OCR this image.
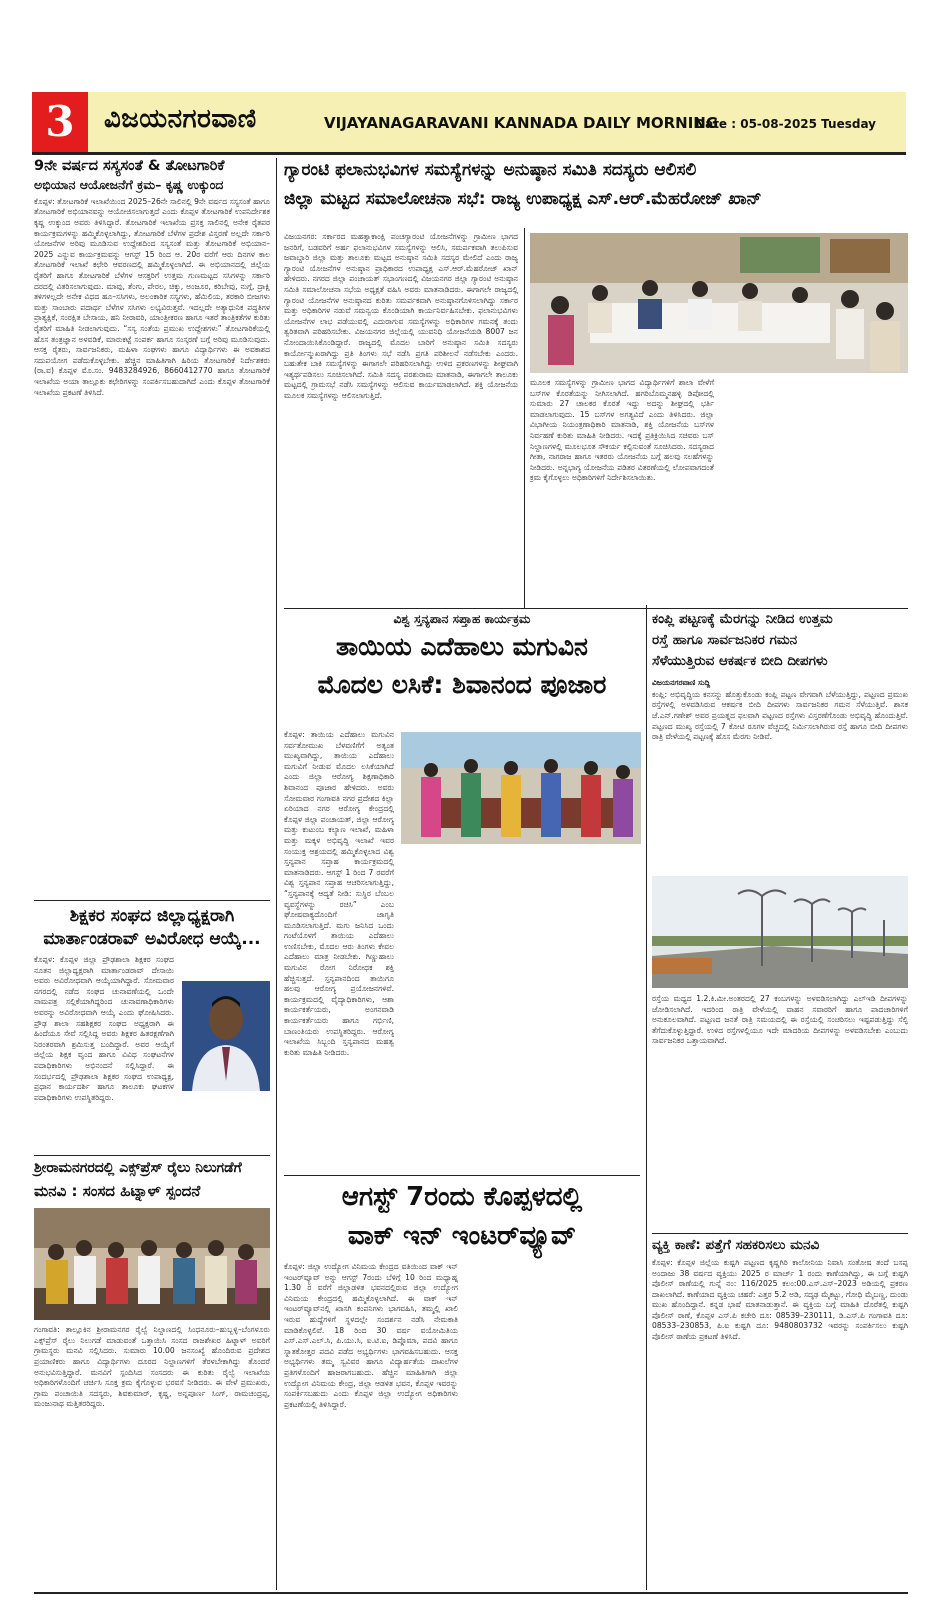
3	ವಿಜಯನಗರವಾಣಿ	VIJAYANAGARAVANI KANNADA DAILY MORNING
Date : 05-08-2025 Tuesday
9ನೇ ವರ್ಷದ ಸಸ್ಯಸಂತೆ & ತೋಟಗಾರಿಕೆ
ಅಭಿಯಾನ ಆಯೋಜನೆಗೆ ಕ್ರಮ– ಕೃಷ್ಣ ಉಕ್ಕುಂದ
ಕೊಪ್ಪಳ: ತೋಟಗಾರಿಕೆ ಇಲಾಖೆಯಿಂದ 2025–26ನೇ ಸಾಲಿನಲ್ಲಿ 9ನೇ ವರ್ಷದ ಸಸ್ಯಸಂತೆ ಹಾಗೂ ತೋಟಗಾರಿಕೆ ಅಭಿಯಾನವನ್ನು ಆಯೋಜಿಸಲಾಗುತ್ತದೆ ಎಂದು ಕೊಪ್ಪಳ ತೋಟಗಾರಿಕೆ ಉಪನಿರ್ದೇಶಕ ಕೃಷ್ಣ ಉಕ್ಕುಂದ ಅವರು ತಿಳಿಸಿದ್ದಾರೆ. ತೋಟಗಾರಿಕೆ ಇಲಾಖೆಯ ಪ್ರಸಕ್ತ ಸಾಲಿನಲ್ಲಿ ಅನೇಕ ರೈತಪರ ಕಾರ್ಯಕ್ರಮಗಳನ್ನು ಹಮ್ಮಿಕೊಳ್ಳಲಾಗಿದ್ದು, ತೋಟಗಾರಿಕೆ ಬೆಳೆಗಳ ಪ್ರದೇಶ ವಿಸ್ತರಣೆ ಅಲ್ಲದೇ ಸರ್ಕಾರಿ ಯೋಜನೆಗಳ ಅರಿವು ಮೂಡಿಸುವ ಉದ್ದೇಶದಿಂದ ಸಸ್ಯಸಂತೆ ಮತ್ತು ತೋಟಗಾರಿಕೆ ಅಭಿಯಾನ–2025 ಎನ್ನುವ ಕಾರ್ಯಕ್ರಮವನ್ನು ಆಗಸ್ಟ್ 15 ರಿಂದ ಆ. 20ರ ವರೆಗೆ ಆರು ದಿನಗಳ ಕಾಲ ತೋಟಗಾರಿಕೆ ಇಲಾಖೆ ಕಛೇರಿ ಆವರಣದಲ್ಲಿ ಹಮ್ಮಿಕೊಳ್ಳಲಾಗಿದೆ. ಈ ಅಭಿಯಾನದಲ್ಲಿ ಜಿಲ್ಲೆಯ ರೈತರಿಗೆ ಹಾಗೂ ತೋಟಗಾರಿಕೆ ಬೆಳೆಗಳ ಆಸಕ್ತರಿಗೆ ಉತ್ತಮ ಗುಣಮಟ್ಟದ ಸಸಿಗಳನ್ನು ಸರ್ಕಾರಿ ದರದಲ್ಲಿ ವಿತರಿಸಲಾಗುವುದು. ಮಾವು, ತೆಂಗು, ಪೇರಲ, ಚಿಕ್ಕು, ಅಂಜೂರ, ಕರಿಬೇವು, ನುಗ್ಗೆ, ದ್ರಾಕ್ಷಿ ತಳಿಗಳಲ್ಲದೇ ಅನೇಕ ವಿಧದ ಹೂ–ಸಸಿಗಳು, ಅಲಂಕಾರಿಕ ಸಸ್ಯಗಳು, ಹೆಮಿಲಿಯ, ತರಕಾರಿ ಬೀಜಗಳು ಮತ್ತು ಸಾಂಬಾರು ಪದಾರ್ಥ ಬೆಳೆಗಳ ಸಸಿಗಳು ಲಭ್ಯವಿರುತ್ತವೆ. ಇದಲ್ಲದೇ ಅತ್ಯಾಧುನಿಕ ಪದ್ಧತಿಗಳ ಪ್ರಾತ್ಯಕ್ಷಿಕೆ, ಸಂರಕ್ಷಿತ ಬೇಸಾಯ, ಹನಿ ನೀರಾವರಿ, ಯಾಂತ್ರೀಕರಣ ಹಾಗೂ ಇತರೆ ತಾಂತ್ರಿಕತೆಗಳ ಕುರಿತು ರೈತರಿಗೆ ಮಾಹಿತಿ ನೀಡಲಾಗುವುದು. “ಸಸ್ಯ ಸಂತೆಯ ಪ್ರಮುಖ ಉದ್ದೇಶಗಳು” ತೋಟಗಾರಿಕೆಯಲ್ಲಿ ಹೊಸ ತಂತ್ರಜ್ಞಾನ ಅಳವಡಿಕೆ, ಮಾರುಕಟ್ಟೆ ಸಂಪರ್ಕ ಹಾಗೂ ಸಂಸ್ಕರಣೆ ಬಗ್ಗೆ ಅರಿವು ಮೂಡಿಸುವುದು. ಆಸಕ್ತ ರೈತರು, ಸಾರ್ವಜನಿಕರು, ಮಹಿಳಾ ಸಂಘಗಳು ಹಾಗೂ ವಿದ್ಯಾರ್ಥಿಗಳು ಈ ಅವಕಾಶದ ಸದುಪಯೋಗ ಪಡೆದುಕೊಳ್ಳಬೇಕು. ಹೆಚ್ಚಿನ ಮಾಹಿತಿಗಾಗಿ ಹಿರಿಯ ತೋಟಗಾರಿಕೆ ನಿರ್ದೇಶಕರು (ರಾ.ವ) ಕೊಪ್ಪಳ ಮೊ.ಸಂ. 9483284926, 8660412770 ಹಾಗೂ ತೋಟಗಾರಿಕೆ ಇಲಾಖೆಯ ಅಯಾ ತಾಲ್ಲೂಕು ಕಛೇರಿಗಳನ್ನು ಸಂಪರ್ಕಿಸಬಹುದಾಗಿದೆ ಎಂದು ಕೊಪ್ಪಳ ತೋಟಗಾರಿಕೆ ಇಲಾಖೆಯ ಪ್ರಕಟಣೆ ತಿಳಿಸಿದೆ.
ಶಿಕ್ಷಕರ ಸಂಘದ ಜಿಲ್ಲಾಧ್ಯಕ್ಷರಾಗಿ
ಮಾರ್ತಾಂಡರಾವ್ ಅವಿರೋಧ ಆಯ್ಕೆ...
ಕೊಪ್ಪಳ: ಕೊಪ್ಪಳ ಜಿಲ್ಲಾ ಪ್ರೌಢಶಾಲಾ ಶಿಕ್ಷಕರ ಸಂಘದ ನೂತನ ಜಿಲ್ಲಾಧ್ಯಕ್ಷರಾಗಿ ಮಾರ್ತಾಂಡರಾವ್ ದೇಸಾಯಿ ಅವರು ಅವಿರೋಧವಾಗಿ ಆಯ್ಕೆಯಾಗಿದ್ದಾರೆ. ಸೋಮವಾರ ನಗರದಲ್ಲಿ ನಡೆದ ಸಂಘದ ಚುನಾವಣೆಯಲ್ಲಿ ಒಂದೇ ನಾಮಪತ್ರ ಸಲ್ಲಿಕೆಯಾಗಿದ್ದರಿಂದ ಚುನಾವಣಾಧಿಕಾರಿಗಳು ಅವರನ್ನು ಅವಿರೋಧವಾಗಿ ಆಯ್ಕೆ ಎಂದು ಘೋಷಿಸಿದರು. ಪ್ರೌಢ ಶಾಲಾ ಸಹಶಿಕ್ಷಕರ ಸಂಘದ ಅಧ್ಯಕ್ಷರಾಗಿ ಈ ಹಿಂದೆಯೂ ಸೇವೆ ಸಲ್ಲಿಸಿದ್ದ ಅವರು ಶಿಕ್ಷಕರ ಹಿತರಕ್ಷಣೆಗಾಗಿ ನಿರಂತರವಾಗಿ ಶ್ರಮಿಸುತ್ತ ಬಂದಿದ್ದಾರೆ. ಅವರ ಆಯ್ಕೆಗೆ ಜಿಲ್ಲೆಯ ಶಿಕ್ಷಕ ವೃಂದ ಹಾಗೂ ವಿವಿಧ ಸಂಘಟನೆಗಳ ಪದಾಧಿಕಾರಿಗಳು ಅಭಿನಂದನೆ ಸಲ್ಲಿಸಿದ್ದಾರೆ. ಈ ಸಂದರ್ಭದಲ್ಲಿ ಪ್ರೌಢಶಾಲಾ ಶಿಕ್ಷಕರ ಸಂಘದ ಉಪಾಧ್ಯಕ್ಷ, ಪ್ರಧಾನ ಕಾರ್ಯದರ್ಶಿ ಹಾಗೂ ತಾಲೂಕು ಘಟಕಗಳ ಪದಾಧಿಕಾರಿಗಳು ಉಪಸ್ಥಿತರಿದ್ದರು.
ಶ್ರೀರಾಮನಗರದಲ್ಲಿ ಎಕ್ಸ್‌ಪ್ರೆಸ್ ರೈಲು ನಿಲುಗಡೆಗೆ
ಮನವಿ : ಸಂಸದ ಹಿಟ್ನಾಳ್ ಸ್ಪಂದನೆ
ಗಂಗಾವತಿ: ತಾಲ್ಲೂಕಿನ ಶ್ರೀರಾಮನಗರ ರೈಲ್ವೆ ನಿಲ್ದಾಣದಲ್ಲಿ ಸಿಂಧನೂರು–ಹುಬ್ಬಳ್ಳಿ–ಬೆಂಗಳೂರು ಎಕ್ಸ್‌ಪ್ರೆಸ್ ರೈಲು ನಿಲುಗಡೆ ಮಾಡುವಂತೆ ಒತ್ತಾಯಿಸಿ ಸಂಸದ ರಾಜಶೇಖರ ಹಿಟ್ನಾಳ್ ಅವರಿಗೆ ಗ್ರಾಮಸ್ಥರು ಮನವಿ ಸಲ್ಲಿಸಿದರು. ಸುಮಾರು 10.00 ಜನಸಂಖ್ಯೆ ಹೊಂದಿರುವ ಪ್ರದೇಶದ ಪ್ರಯಾಣಿಕರು ಹಾಗೂ ವಿದ್ಯಾರ್ಥಿಗಳು ದೂರದ ನಿಲ್ದಾಣಗಳಿಗೆ ತೆರಳಬೇಕಾಗಿದ್ದು ತೊಂದರೆ ಅನುಭವಿಸುತ್ತಿದ್ದಾರೆ. ಮನವಿಗೆ ಸ್ಪಂದಿಸಿದ ಸಂಸದರು ಈ ಕುರಿತು ರೈಲ್ವೆ ಇಲಾಖೆಯ ಅಧಿಕಾರಿಗಳೊಂದಿಗೆ ಚರ್ಚಿಸಿ ಸೂಕ್ತ ಕ್ರಮ ಕೈಗೊಳ್ಳುವ ಭರವಸೆ ನೀಡಿದರು. ಈ ವೇಳೆ ಪ್ರಮುಖರು, ಗ್ರಾಮ ಪಂಚಾಯಿತಿ ಸದಸ್ಯರು, ಶಿವಕುಮಾರ್, ಕೃಷ್ಣ, ಅನ್ನಪೂರ್ಣ ಸಿಂಗ್, ರಾಮಚಂದ್ರಪ್ಪ, ಮಂಜುನಾಥ ಮತ್ತಿತರರಿದ್ದರು.
ಗ್ಯಾರಂಟಿ ಫಲಾನುಭವಿಗಳ ಸಮಸ್ಯೆಗಳನ್ನು ಅನುಷ್ಠಾನ ಸಮಿತಿ ಸದಸ್ಯರು ಆಲಿಸಲಿ
ಜಿಲ್ಲಾ ಮಟ್ಟದ ಸಮಾಲೋಚನಾ ಸಭೆ: ರಾಜ್ಯ ಉಪಾಧ್ಯಕ್ಷ ಎಸ್.ಆರ್.ಮೆಹರೋಜ್ ಖಾನ್
ವಿಜಯನಗರ: ಸರ್ಕಾರದ ಮಹತ್ವಾಕಾಂಕ್ಷಿ ಪಂಚಗ್ಯಾರಂಟಿ ಯೋಜನೆಗಳನ್ನು ಗ್ರಾಮೀಣ ಭಾಗದ ಜನರಿಗೆ, ಬಡವರಿಗೆ ಅರ್ಹ ಫಲಾನುಭವಿಗಳ ಸಮಸ್ಯೆಗಳನ್ನು ಆಲಿಸಿ, ಸಮರ್ಪಕವಾಗಿ ತಲುಪಿಸುವ ಜವಾಬ್ದಾರಿ ಜಿಲ್ಲಾ ಮತ್ತು ತಾಲೂಕು ಮಟ್ಟದ ಅನುಷ್ಠಾನ ಸಮಿತಿ ಸದಸ್ಯರ ಮೇಲಿದೆ ಎಂದು ರಾಜ್ಯ ಗ್ಯಾರಂಟಿ ಯೋಜನೆಗಳ ಅನುಷ್ಠಾನ ಪ್ರಾಧಿಕಾರದ ಉಪಾಧ್ಯಕ್ಷ ಎಸ್.ಆರ್.ಮೆಹರೋಜ್ ಖಾನ್ ಹೇಳಿದರು. ನಗರದ ಜಿಲ್ಲಾ ಪಂಚಾಯತ್ ಸಭಾಂಗಣದಲ್ಲಿ ವಿಜಯನಗರ ಜಿಲ್ಲಾ ಗ್ಯಾರಂಟಿ ಅನುಷ್ಠಾನ ಸಮಿತಿ ಸಮಾಲೋಚನಾ ಸಭೆಯ ಅಧ್ಯಕ್ಷತೆ ವಹಿಸಿ ಅವರು ಮಾತನಾಡಿದರು. ಈಗಾಗಲೇ ರಾಜ್ಯದಲ್ಲಿ ಗ್ಯಾರಂಟಿ ಯೋಜನೆಗಳ ಅನುಷ್ಠಾನದ ಕುರಿತು ಸಮರ್ಪಕವಾಗಿ ಅನುಷ್ಠಾನಗೊಳಿಸಲಾಗಿದ್ದು ಸರ್ಕಾರ ಮತ್ತು ಅಧಿಕಾರಿಗಳ ನಡುವೆ ಸಮನ್ವಯ ಕೊಂಡಿಯಾಗಿ ಕಾರ್ಯನಿರ್ವಹಿಸಬೇಕು. ಫಲಾನುಭವಿಗಳು ಯೋಜನೆಗಳ ಲಾಭ ಪಡೆಯುವಲ್ಲಿ ಎದುರಾಗುವ ಸಮಸ್ಯೆಗಳನ್ನು ಅಧಿಕಾರಿಗಳ ಗಮನಕ್ಕೆ ತಂದು ತ್ವರಿತವಾಗಿ ಪರಿಹರಿಸಬೇಕು. ವಿಜಯನಗರ ಜಿಲ್ಲೆಯಲ್ಲಿ ಯುವನಿಧಿ ಯೋಜನೆಯಡಿ 8007 ಜನ ನೋಂದಾಯಿಸಿಕೊಂಡಿದ್ದಾರೆ. ರಾಜ್ಯದಲ್ಲಿ ಮೊದಲ ಬಾರಿಗೆ ಅನುಷ್ಠಾನ ಸಮಿತಿ ಸದಸ್ಯರು ಕಾರ್ಯೋನ್ಮುಖರಾಗಿದ್ದು ಪ್ರತಿ ತಿಂಗಳು ಸಭೆ ನಡೆಸಿ ಪ್ರಗತಿ ಪರಿಶೀಲನೆ ನಡೆಸಬೇಕು ಎಂದರು. ಬಹುತೇಕ ಬಾಕಿ ಸಮಸ್ಯೆಗಳನ್ನು ಈಗಾಗಲೇ ಪರಿಹರಿಸಲಾಗಿದ್ದು ಉಳಿದ ಪ್ರಕರಣಗಳನ್ನು ಶೀಘ್ರವಾಗಿ ಇತ್ಯರ್ಥಪಡಿಸಲು ಸೂಚಿಸಲಾಗಿದೆ. ಸಮಿತಿ ಸದಸ್ಯ ಪರಶುರಾಮ ಮಾತನಾಡಿ, ಈಗಾಗಲೇ ತಾಲೂಕು ಮಟ್ಟದಲ್ಲಿ ಗ್ರಾಮಸಭೆ ನಡೆಸಿ ಸಮಸ್ಯೆಗಳನ್ನು ಆಲಿಸುವ ಕಾರ್ಯಮಾಡಲಾಗಿದೆ. ಶಕ್ತಿ ಯೋಜನೆಯ ಮೂಲಕ ಸಮಸ್ಯೆಗಳನ್ನು ಆಲಿಸಲಾಗುತ್ತಿದೆ.
ಮೂಲಕ ಸಮಸ್ಯೆಗಳನ್ನು ಗ್ರಾಮೀಣ ಭಾಗದ ವಿದ್ಯಾರ್ಥಿಗಳಿಗೆ ಶಾಲಾ ವೇಳೆಗೆ ಬಸ್‌ಗಳ ಕೊರತೆಯನ್ನು ನೀಗಿಸಲಾಗಿದೆ. ಹಗರಿಬೊಮ್ಮನಹಳ್ಳಿ ಡಿಪೋದಲ್ಲಿ ಸುಮಾರು 27 ಚಾಲಕರ ಕೊರತೆ ಇದ್ದು ಅದನ್ನು ಶೀಘ್ರದಲ್ಲಿ ಭರ್ತಿ ಮಾಡಲಾಗುವುದು. 15 ಬಸ್‌ಗಳ ಅಗತ್ಯವಿದೆ ಎಂದು ತಿಳಿಸಿದರು. ಜಿಲ್ಲಾ ವಿಭಾಗೀಯ ನಿಯಂತ್ರಣಾಧಿಕಾರಿ ಮಾತನಾಡಿ, ಶಕ್ತಿ ಯೋಜನೆಯ ಬಸ್‌ಗಳ ನಿರ್ವಹಣೆ ಕುರಿತು ಮಾಹಿತಿ ನೀಡಿದರು. ಇದಕ್ಕೆ ಪ್ರತಿಕ್ರಿಯಿಸಿದ ಸಚಿವರು ಬಸ್ ನಿಲ್ದಾಣಗಳಲ್ಲಿ ಮೂಲಭೂತ ಸೌಕರ್ಯ ಕಲ್ಪಿಸುವಂತೆ ಸೂಚಿಸಿದರು. ಸದಸ್ಯರಾದ ಗೀತಾ, ನಾಗರಾಜ ಹಾಗೂ ಇತರರು ಯೋಜನೆಯ ಬಗ್ಗೆ ಹಲವು ಸಲಹೆಗಳನ್ನು ನೀಡಿದರು. ಅನ್ನಭಾಗ್ಯ ಯೋಜನೆಯ ಪಡಿತರ ವಿತರಣೆಯಲ್ಲಿ ಲೋಪವಾಗದಂತೆ ಕ್ರಮ ಕೈಗೊಳ್ಳಲು ಅಧಿಕಾರಿಗಳಿಗೆ ನಿರ್ದೇಶಿಸಲಾಯಿತು.
ವಿಶ್ವ ಸ್ತನ್ಯಪಾನ ಸಪ್ತಾಹ ಕಾರ್ಯಕ್ರಮ
ತಾಯಿಯ ಎದೆಹಾಲು ಮಗುವಿನ
ಮೊದಲ ಲಸಿಕೆ: ಶಿವಾನಂದ ಪೂಜಾರ
ಕೊಪ್ಪಳ: ತಾಯಿಯ ಎದೆಹಾಲು ಮಗುವಿನ ಸರ್ವತೋಮುಖ ಬೆಳವಣಿಗೆಗೆ ಅತ್ಯಂತ ಮುಖ್ಯವಾಗಿದ್ದು, ತಾಯಿಯ ಎದೆಹಾಲು ಮಗುವಿಗೆ ನೀಡುವ ಮೊದಲ ಲಸಿಕೆಯಾಗಿದೆ ಎಂದು ಜಿಲ್ಲಾ ಆರೋಗ್ಯ ಶಿಕ್ಷಣಾಧಿಕಾರಿ ಶಿವಾನಂದ ಪೂಜಾರ ಹೇಳಿದರು. ಅವರು ಸೋಮವಾರ ಗಂಗಾವತಿ ನಗರ ಪ್ರದೇಶದ ಕಿಲ್ಲಾ ಏರಿಯಾದ ನಗರ ಆರೋಗ್ಯ ಕೇಂದ್ರದಲ್ಲಿ ಕೊಪ್ಪಳ ಜಿಲ್ಲಾ ಪಂಚಾಯತ್, ಜಿಲ್ಲಾ ಆರೋಗ್ಯ ಮತ್ತು ಕುಟುಂಬ ಕಲ್ಯಾಣ ಇಲಾಖೆ, ಮಹಿಳಾ ಮತ್ತು ಮಕ್ಕಳ ಅಭಿವೃದ್ಧಿ ಇಲಾಖೆ ಇವರ ಸಂಯುಕ್ತ ಆಶ್ರಯದಲ್ಲಿ ಹಮ್ಮಿಕೊಳ್ಳಲಾದ ವಿಶ್ವ ಸ್ತನ್ಯಪಾನ ಸಪ್ತಾಹ ಕಾರ್ಯಕ್ರಮದಲ್ಲಿ ಮಾತನಾಡಿದರು. ಆಗಸ್ಟ್ 1 ರಿಂದ 7 ರವರೆಗೆ ವಿಶ್ವ ಸ್ತನ್ಯಪಾನ ಸಪ್ತಾಹ ಆಚರಿಸಲಾಗುತ್ತಿದ್ದು, “ಸ್ತನ್ಯಪಾನಕ್ಕೆ ಆದ್ಯತೆ ನೀಡಿ: ಸುಸ್ಥಿರ ಬೆಂಬಲ ವ್ಯವಸ್ಥೆಗಳನ್ನು ರಚಿಸಿ” ಎಂಬ ಘೋಷವಾಕ್ಯದೊಂದಿಗೆ ಜಾಗೃತಿ ಮೂಡಿಸಲಾಗುತ್ತಿದೆ. ಮಗು ಜನಿಸಿದ ಒಂದು ಗಂಟೆಯೊಳಗೆ ತಾಯಿಯ ಎದೆಹಾಲು ಉಣಿಸಬೇಕು, ಮೊದಲ ಆರು ತಿಂಗಳು ಕೇವಲ ಎದೆಹಾಲು ಮಾತ್ರ ನೀಡಬೇಕು. ಗಿಣ್ಣುಹಾಲು ಮಗುವಿನ ರೋಗ ನಿರೋಧಕ ಶಕ್ತಿ ಹೆಚ್ಚಿಸುತ್ತದೆ. ಸ್ತನ್ಯಪಾನದಿಂದ ತಾಯಿಗೂ ಹಲವು ಆರೋಗ್ಯ ಪ್ರಯೋಜನಗಳಿವೆ. ಕಾರ್ಯಕ್ರಮದಲ್ಲಿ ವೈದ್ಯಾಧಿಕಾರಿಗಳು, ಆಶಾ ಕಾರ್ಯಕರ್ತೆಯರು, ಅಂಗನವಾಡಿ ಕಾರ್ಯಕರ್ತೆಯರು ಹಾಗೂ ಗರ್ಭಿಣಿ, ಬಾಣಂತಿಯರು ಉಪಸ್ಥಿತರಿದ್ದರು. ಆರೋಗ್ಯ ಇಲಾಖೆಯ ಸಿಬ್ಬಂದಿ ಸ್ತನ್ಯಪಾನದ ಮಹತ್ವ ಕುರಿತು ಮಾಹಿತಿ ನೀಡಿದರು.
ಆಗಸ್ಟ್ 7ರಂದು ಕೊಪ್ಪಳದಲ್ಲಿ
ವಾಕ್ ಇನ್ ಇಂಟರ್‌ವ್ಯೂವ್
ಕೊಪ್ಪಳ: ಜಿಲ್ಲಾ ಉದ್ಯೋಗ ವಿನಿಮಯ ಕೇಂದ್ರದ ವತಿಯಿಂದ ವಾಕ್ ಇನ್ ಇಂಟರ್‌ವ್ಯೂವ್ ಅನ್ನು ಆಗಸ್ಟ್ 7ರಂದು ಬೆಳಿಗ್ಗೆ 10 ರಿಂದ ಮಧ್ಯಾಹ್ನ 1.30 ರ ವರೆಗೆ ಜಿಲ್ಲಾಡಳಿತ ಭವನದಲ್ಲಿರುವ ಜಿಲ್ಲಾ ಉದ್ಯೋಗ ವಿನಿಮಯ ಕೇಂದ್ರದಲ್ಲಿ ಹಮ್ಮಿಕೊಳ್ಳಲಾಗಿದೆ. ಈ ವಾಕ್ ಇನ್ ಇಂಟರ್‌ವ್ಯೂವ್‌ನಲ್ಲಿ ಖಾಸಗಿ ಕಂಪನಿಗಳು ಭಾಗವಹಿಸಿ, ತಮ್ಮಲ್ಲಿ ಖಾಲಿ ಇರುವ ಹುದ್ದೆಗಳಿಗೆ ಸ್ಥಳದಲ್ಲೇ ಸಂದರ್ಶನ ನಡೆಸಿ ನೇಮಕಾತಿ ಮಾಡಿಕೊಳ್ಳಲಿವೆ. 18 ರಿಂದ 30 ವರ್ಷ ವಯೋಮಿತಿಯ ಎಸ್.ಎಸ್.ಎಲ್.ಸಿ, ಪಿ.ಯು.ಸಿ, ಐ.ಟಿ.ಐ, ಡಿಪ್ಲೊಮಾ, ಪದವಿ ಹಾಗೂ ಸ್ನಾತಕೋತ್ತರ ಪದವಿ ಪಡೆದ ಅಭ್ಯರ್ಥಿಗಳು ಭಾಗವಹಿಸಬಹುದು. ಆಸಕ್ತ ಅಭ್ಯರ್ಥಿಗಳು ತಮ್ಮ ಸ್ವವಿವರ ಹಾಗೂ ವಿದ್ಯಾರ್ಹತೆಯ ದಾಖಲೆಗಳ ಪ್ರತಿಗಳೊಂದಿಗೆ ಹಾಜರಾಗಬಹುದು. ಹೆಚ್ಚಿನ ಮಾಹಿತಿಗಾಗಿ ಜಿಲ್ಲಾ ಉದ್ಯೋಗ ವಿನಿಮಯ ಕೇಂದ್ರ, ಜಿಲ್ಲಾ ಆಡಳಿತ ಭವನ, ಕೊಪ್ಪಳ ಇವರನ್ನು ಸಂಪರ್ಕಿಸಬಹುದು ಎಂದು ಕೊಪ್ಪಳ ಜಿಲ್ಲಾ ಉದ್ಯೋಗ ಅಧಿಕಾರಿಗಳು ಪ್ರಕಟಣೆಯಲ್ಲಿ ತಿಳಿಸಿದ್ದಾರೆ.
ಕಂಪ್ಲಿ ಪಟ್ಟಣಕ್ಕೆ ಮೆರಗನ್ನು ನೀಡಿದ ಉತ್ತಮ
ರಸ್ತೆ ಹಾಗೂ ಸಾರ್ವಜನಿಕರ ಗಮನ
ಸೆಳೆಯುತ್ತಿರುವ ಆಕರ್ಷಕ ಬೀದಿ ದೀಪಗಳು
ವಿಜಯನಗರವಾಣಿ ಸುದ್ದಿ
ಕಂಪ್ಲಿ: ಅಭಿವೃದ್ಧಿಯ ಕನಸನ್ನು ಹೊತ್ತುಕೊಂಡು ಕಂಪ್ಲಿ ಪಟ್ಟಣ ವೇಗವಾಗಿ ಬೆಳೆಯುತ್ತಿದ್ದು, ಪಟ್ಟಣದ ಪ್ರಮುಖ ರಸ್ತೆಗಳಲ್ಲಿ ಅಳವಡಿಸಿರುವ ಆಕರ್ಷಕ ಬೀದಿ ದೀಪಗಳು ಸಾರ್ವಜನಿಕರ ಗಮನ ಸೆಳೆಯುತ್ತಿವೆ. ಶಾಸಕ ಜೆ.ಎನ್.ಗಣೇಶ್ ಅವರ ಪ್ರಯತ್ನದ ಫಲವಾಗಿ ಪಟ್ಟಣದ ರಸ್ತೆಗಳು ವಿಸ್ತರಣೆಗೊಂಡು ಅಭಿವೃದ್ಧಿ ಹೊಂದುತ್ತಿವೆ. ಪಟ್ಟಣದ ಮುಖ್ಯ ರಸ್ತೆಯಲ್ಲಿ 7 ಕೋಟಿ ರೂಗಳ ವೆಚ್ಚದಲ್ಲಿ ನಿರ್ಮಿಸಲಾಗಿರುವ ರಸ್ತೆ ಹಾಗೂ ಬೀದಿ ದೀಪಗಳು ರಾತ್ರಿ ವೇಳೆಯಲ್ಲಿ ಪಟ್ಟಣಕ್ಕೆ ಹೊಸ ಮೆರಗು ನೀಡಿವೆ.
ರಸ್ತೆಯ ಮಧ್ಯದ 1.2.ಕಿ.ಮೀ.ಅಂತರದಲ್ಲಿ 27 ಕಂಬಗಳನ್ನು ಅಳವಡಿಸಲಾಗಿದ್ದು ಎಲ್ಇಡಿ ದೀಪಗಳನ್ನು ಜೋಡಿಸಲಾಗಿದೆ. ಇದರಿಂದ ರಾತ್ರಿ ವೇಳೆಯಲ್ಲಿ ವಾಹನ ಸವಾರರಿಗೆ ಹಾಗೂ ಪಾದಚಾರಿಗಳಿಗೆ ಅನುಕೂಲವಾಗಿದೆ. ಪಟ್ಟಣದ ಜನತೆ ರಾತ್ರಿ ಸಮಯದಲ್ಲಿ ಈ ರಸ್ತೆಯಲ್ಲಿ ಸಂಚರಿಸಲು ಇಷ್ಟಪಡುತ್ತಿದ್ದು ಸೆಲ್ಫಿ ತೆಗೆದುಕೊಳ್ಳುತ್ತಿದ್ದಾರೆ. ಉಳಿದ ರಸ್ತೆಗಳಲ್ಲಿಯೂ ಇದೇ ಮಾದರಿಯ ದೀಪಗಳನ್ನು ಅಳವಡಿಸಬೇಕು ಎಂಬುದು ಸಾರ್ವಜನಿಕರ ಒತ್ತಾಯವಾಗಿದೆ.
ವ್ಯಕ್ತಿ ಕಾಣೆ: ಪತ್ತೆಗೆ ಸಹಕರಿಸಲು ಮನವಿ
ಕೊಪ್ಪಳ: ಕೊಪ್ಪಳ ಜಿಲ್ಲೆಯ ಕುಷ್ಟಗಿ ಪಟ್ಟಣದ ಕೃಷ್ಣಗಿರಿ ಕಾಲೋನಿಯ ನಿವಾಸಿ ಸಂತೋಷ ತಂದೆ ಬಸಪ್ಪ ಅಂದಾಜು 38 ವರ್ಷದ ವ್ಯಕ್ತಿಯು 2025 ರ ಮಾರ್ಚ್ 1 ರಂದು ಕಾಣೆಯಾಗಿದ್ದು, ಈ ಬಗ್ಗೆ ಕುಷ್ಟಗಿ ಪೊಲೀಸ್ ಠಾಣೆಯಲ್ಲಿ ಗುನ್ನೆ ನಂ: 116/2025 ಕಲಂ:00.ಎಸ್.ಎಸ್–2023 ಅಡಿಯಲ್ಲಿ ಪ್ರಕರಣ ದಾಖಲಾಗಿದೆ. ಕಾಣೆಯಾದ ವ್ಯಕ್ತಿಯ ಚಹರೆ: ಎತ್ತರ 5.2 ಅಡಿ, ಸದೃಢ ಮೈಕಟ್ಟು, ಗೋಧಿ ಮೈಬಣ್ಣ, ದುಂಡು ಮುಖ ಹೊಂದಿದ್ದಾನೆ. ಕನ್ನಡ ಭಾಷೆ ಮಾತನಾಡುತ್ತಾನೆ. ಈ ವ್ಯಕ್ತಿಯ ಬಗ್ಗೆ ಮಾಹಿತಿ ದೊರೆತಲ್ಲಿ ಕುಷ್ಟಗಿ ಪೊಲೀಸ್ ಠಾಣೆ, ಕೊಪ್ಪಳ ಎಸ್.ಪಿ ಕಚೇರಿ ದೂ: 08539–230111, ಡಿ.ಎಸ್.ಪಿ ಗಂಗಾವತಿ ದೂ: 08533–230853, ಪಿ.ಐ ಕುಷ್ಟಗಿ ದೂ: 9480803732 ಇವರನ್ನು ಸಂಪರ್ಕಿಸಲು ಕುಷ್ಟಗಿ ಪೊಲೀಸ್ ಠಾಣೆಯ ಪ್ರಕಟಣೆ ತಿಳಿಸಿದೆ.
